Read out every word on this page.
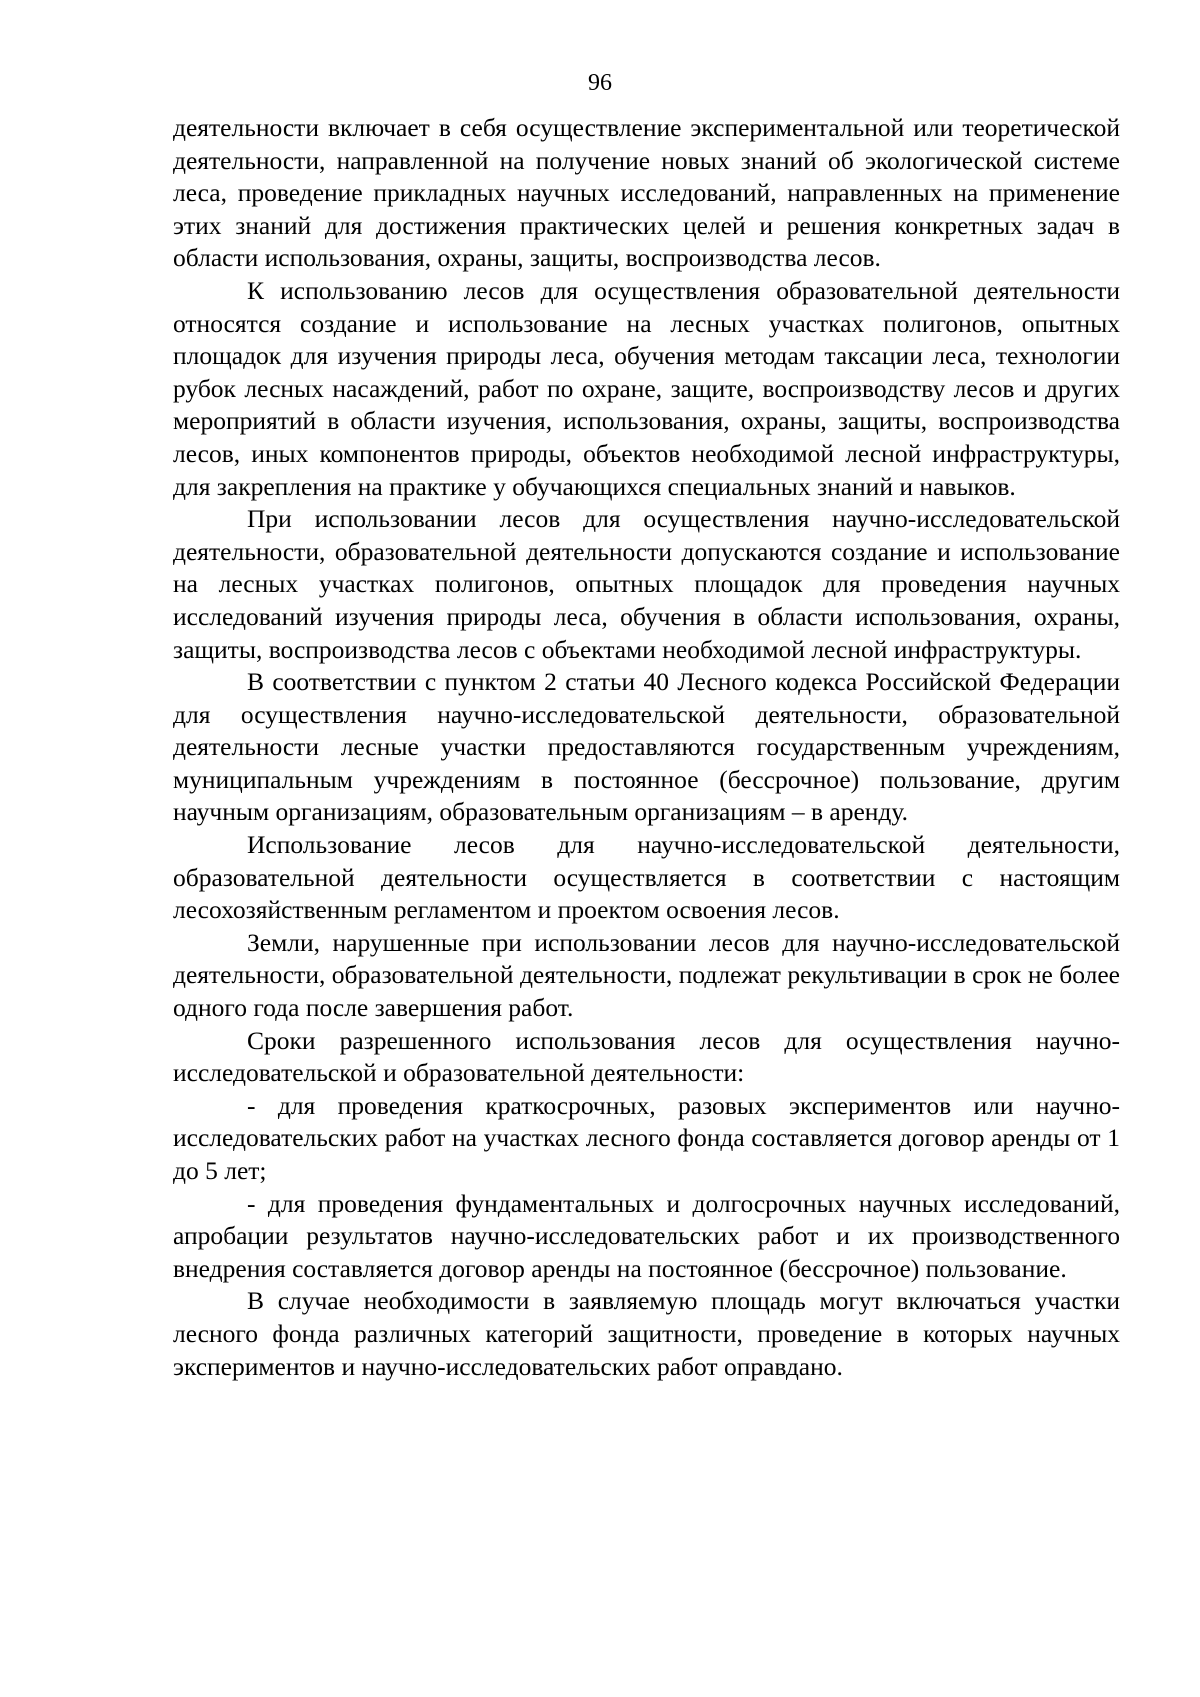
96

деятельности включает в себя осуществление экспериментальной или теоретической деятельности, направленной на получение новых знаний об экологической системе леса, проведение прикладных научных исследований, направленных на применение этих знаний для достижения практических целей и решения конкретных задач в области использования, охраны, защиты, воспроизводства лесов.

К использованию лесов для осуществления образовательной деятельности относятся создание и использование на лесных участках полигонов, опытных площадок для изучения природы леса, обучения методам таксации леса, технологии рубок лесных насаждений, работ по охране, защите, воспроизводству лесов и других мероприятий в области изучения, использования, охраны, защиты, воспроизводства лесов, иных компонентов природы, объектов необходимой лесной инфраструктуры, для закрепления на практике у обучающихся специальных знаний и навыков.

При использовании лесов для осуществления научно-исследовательской деятельности, образовательной деятельности допускаются создание и использование на лесных участках полигонов, опытных площадок для проведения научных исследований изучения природы леса, обучения в области использования, охраны, защиты, воспроизводства лесов с объектами необходимой лесной инфраструктуры.

В соответствии с пунктом 2 статьи 40 Лесного кодекса Российской Федерации для осуществления научно-исследовательской деятельности, образовательной деятельности лесные участки предоставляются государственным учреждениям, муниципальным учреждениям в постоянное (бессрочное) пользование, другим научным организациям, образовательным организациям – в аренду.

Использование лесов для научно-исследовательской деятельности, образовательной деятельности осуществляется в соответствии с настоящим лесохозяйственным регламентом и проектом освоения лесов.

Земли, нарушенные при использовании лесов для научно-исследовательской деятельности, образовательной деятельности, подлежат рекультивации в срок не более одного года после завершения работ.

Сроки разрешенного использования лесов для осуществления научно-исследовательской и образовательной деятельности:

- для проведения краткосрочных, разовых экспериментов или научно-исследовательских работ на участках лесного фонда составляется договор аренды от 1 до 5 лет;

- для проведения фундаментальных и долгосрочных научных исследований, апробации результатов научно-исследовательских работ и их производственного внедрения составляется договор аренды на постоянное (бессрочное) пользование.

В случае необходимости в заявляемую площадь могут включаться участки лесного фонда различных категорий защитности, проведение в которых научных экспериментов и научно-исследовательских работ оправдано.
